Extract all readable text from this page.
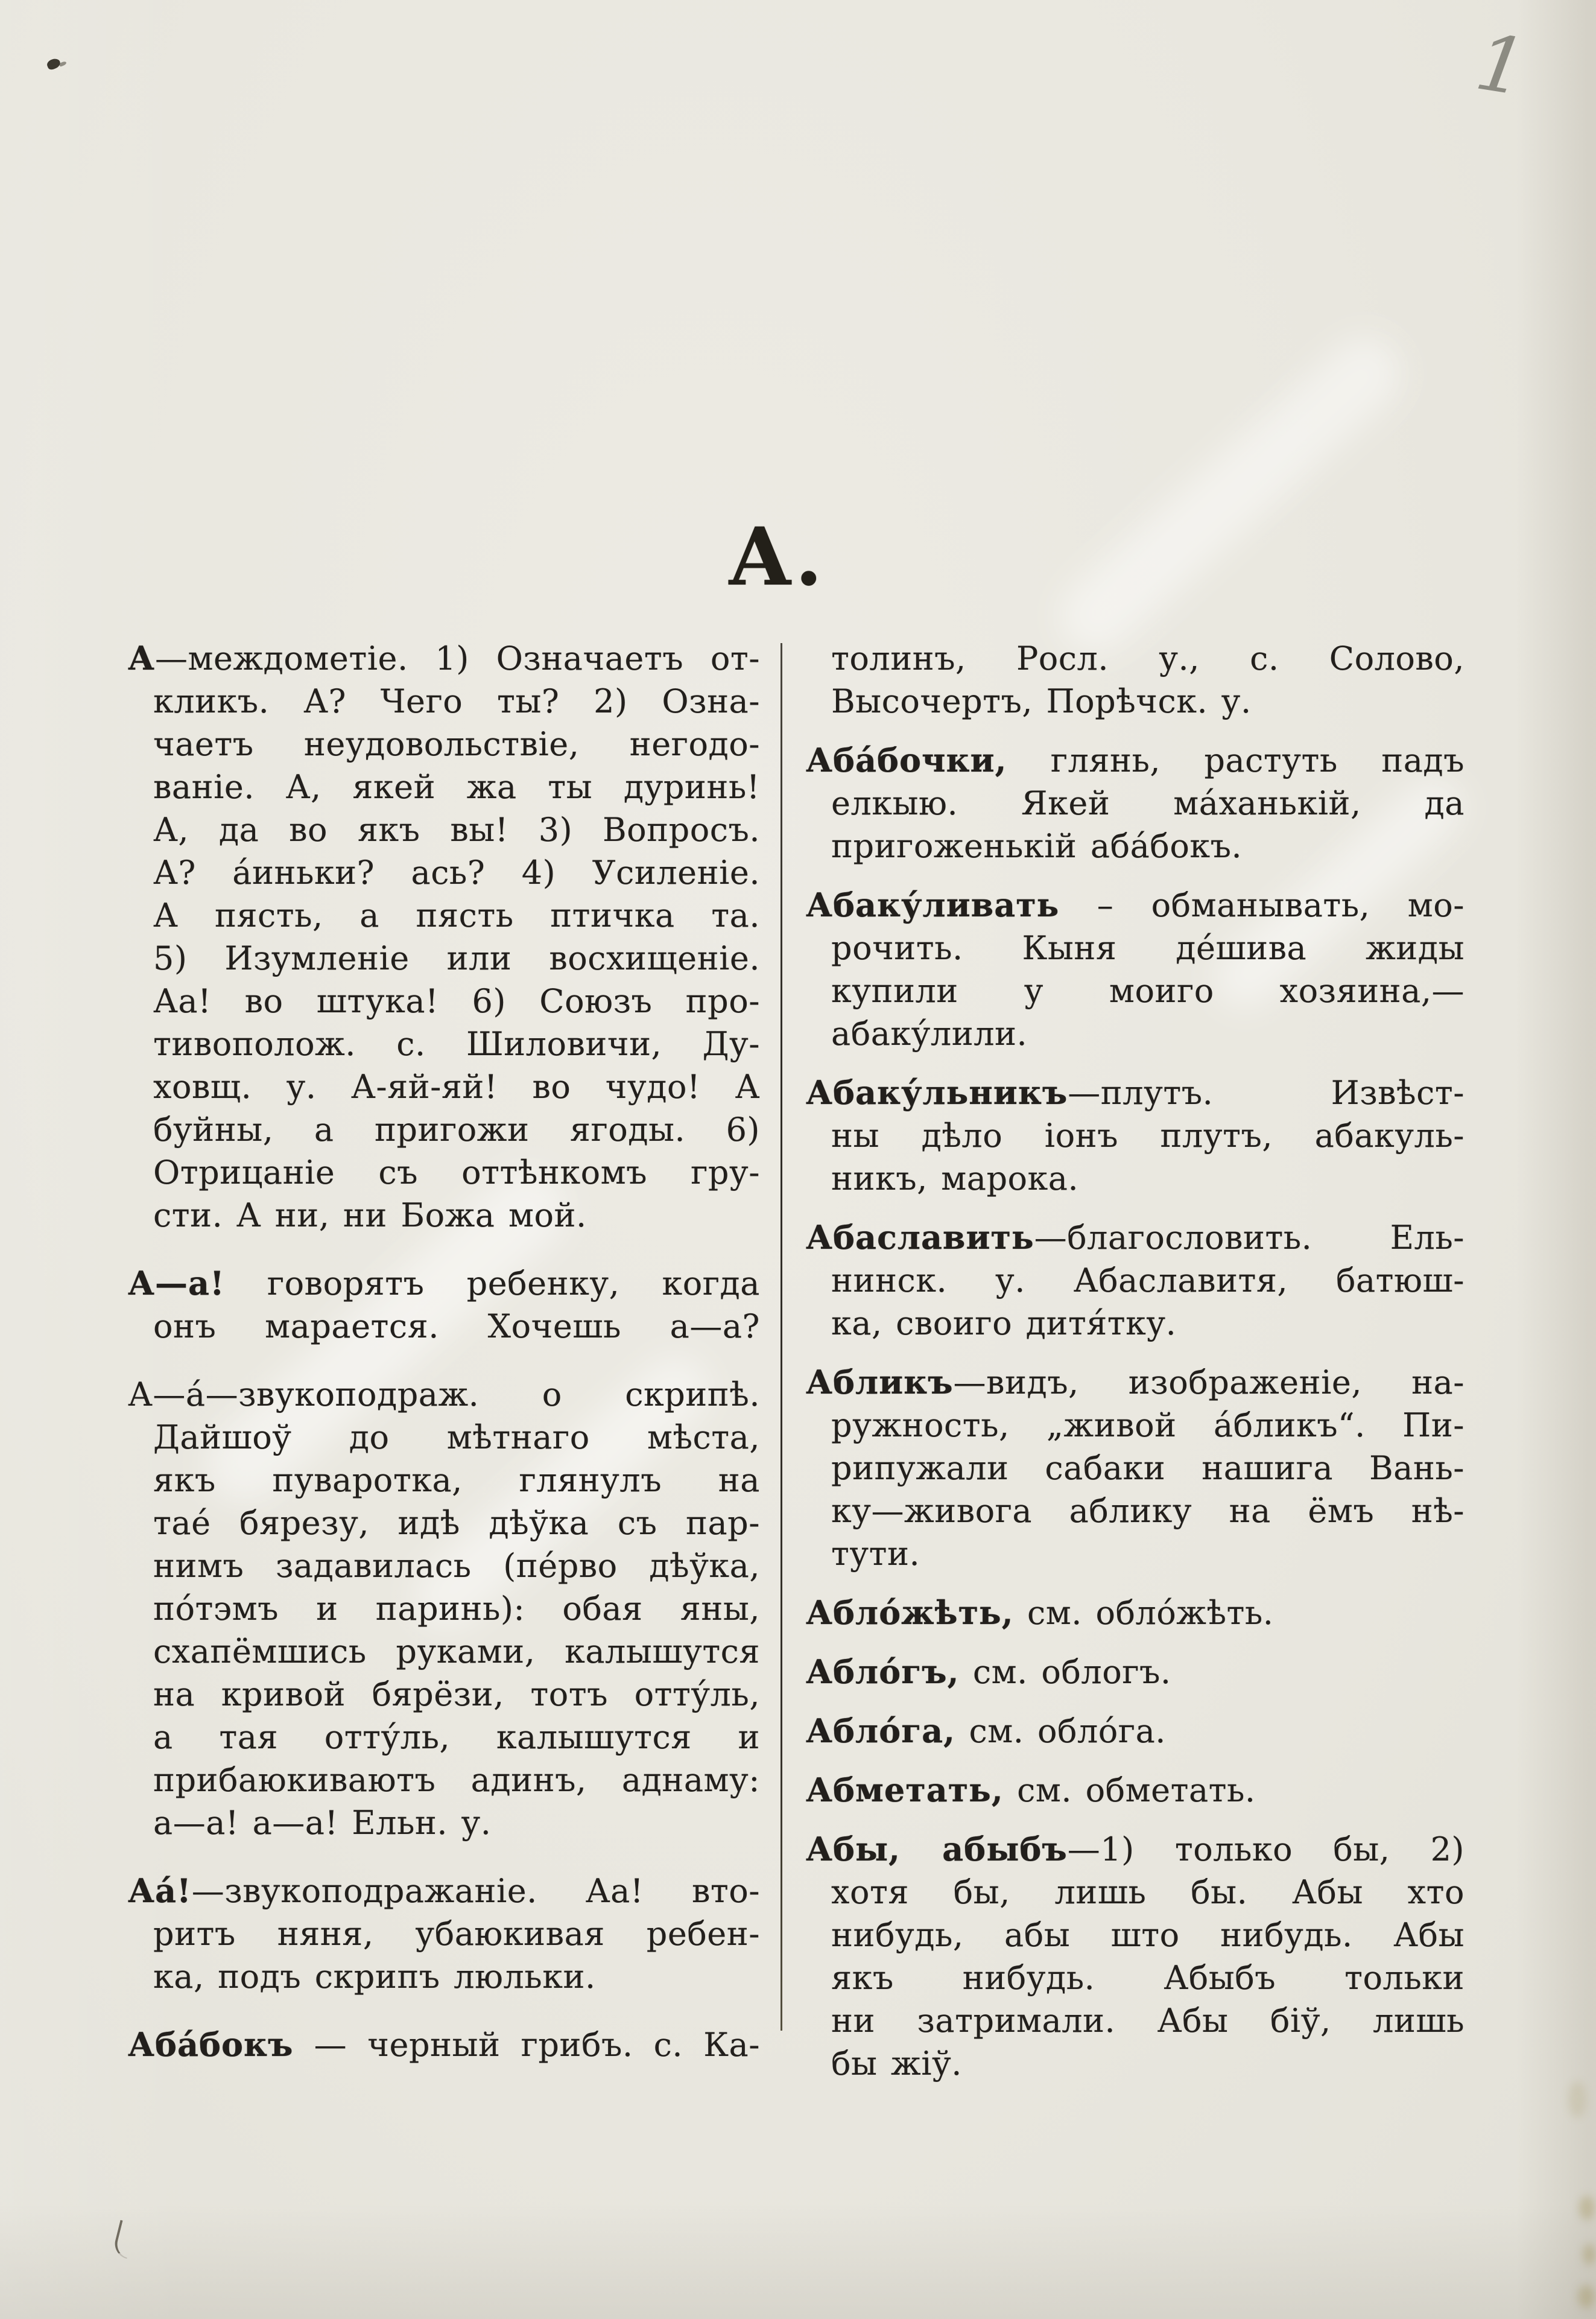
1
А.
А—междометіе. 1) Означаетъ от-
кликъ. А? Чего ты? 2) Озна-
чаетъ неудовольствіе, негодо-
ваніе. А, якей жа ты дуринь!
А, да во якъ вы! 3) Вопросъ.
А? а́иньки? ась? 4) Усиленіе.
А пясть, а пясть птичка та.
5) Изумленіе или восхищеніе.
Аа! во штука! 6) Союзъ про-
тивополож. с. Шиловичи, Ду-
ховщ. у. А-яй-яй! во чудо! А
буйны, а пригожи ягоды. 6)
Отрицаніе съ оттѣнкомъ гру-
сти. А ни, ни Божа мой.
А—а! говорятъ ребенку, когда
онъ марается. Хочешь а—а?
А—а́—звукоподраж. о скрипѣ.
Дайшоў до мѣтнаго мѣста,
якъ пуваротка, глянулъ на
тае́ бярезу, идѣ дѣўка съ пар-
нимъ задавилась (пе́рво дѣўка,
по́тэмъ и паринь): обая яны,
схапёмшись руками, калышутся
на кривой бярёзи, тотъ отту́ль,
а тая отту́ль, калышутся и
прибаюкиваютъ адинъ, аднаму:
а—а! а—а! Ельн. у.
Аа́!—звукоподражаніе. Аа! вто-
ритъ няня, убаюкивая ребен-
ка, подъ скрипъ люльки.
Аба́бокъ — черный грибъ. с. Ка-
толинъ, Росл. у., с. Солово,
Высочертъ, Порѣчск. у.
Аба́бочки, глянь, растуть падъ
елкыю. Якей ма́ханькій, да
пригоженькій аба́бокъ.
Абаку́ливать – обманывать, мо-
рочить. Кыня де́шива жиды
купили у моиго хозяина,—
абаку́лили.
Абаку́льникъ—плутъ. Извѣст-
ны дѣло іонъ плутъ, абакуль-
никъ, марока.
Абаславить—благословить. Ель-
нинск. у. Абаславитя, батюш-
ка, своиго дитя́тку.
Абликъ—видъ, изображеніе, на-
ружность, „живой а́бликъ“. Пи-
рипужали сабаки нашига Вань-
ку—живога аблику на ёмъ нѣ-
тути.
Абло́жѣть, см. обло́жѣть.
Абло́гъ, см. облогъ.
Абло́га, см. обло́га.
Абметать, см. обметать.
Абы, абыбъ—1) только бы, 2)
хотя бы, лишь бы. Абы хто
нибудь, абы што нибудь. Абы
якъ нибудь. Абыбъ тольки
ни затримали. Абы біў, лишь
бы жіў.
